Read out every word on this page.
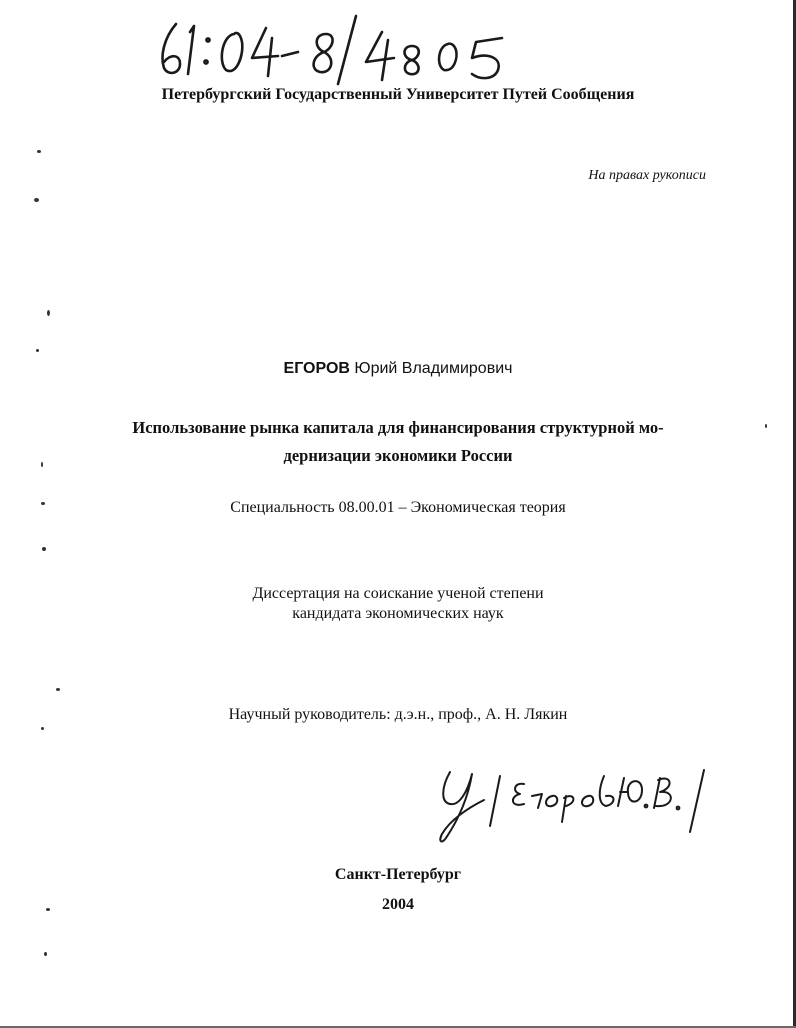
Петербургский Государственный Университет Путей Сообщения
На правах рукописи
ЕГОРОВ Юрий Владимирович
Использование рынка капитала для финансирования структурной мо-
дернизации экономики России
Специальность 08.00.01 – Экономическая теория
Диссертация на соискание ученой степени
кандидата экономических наук
Научный руководитель: д.э.н., проф., А. Н. Лякин
Санкт-Петербург
2004
